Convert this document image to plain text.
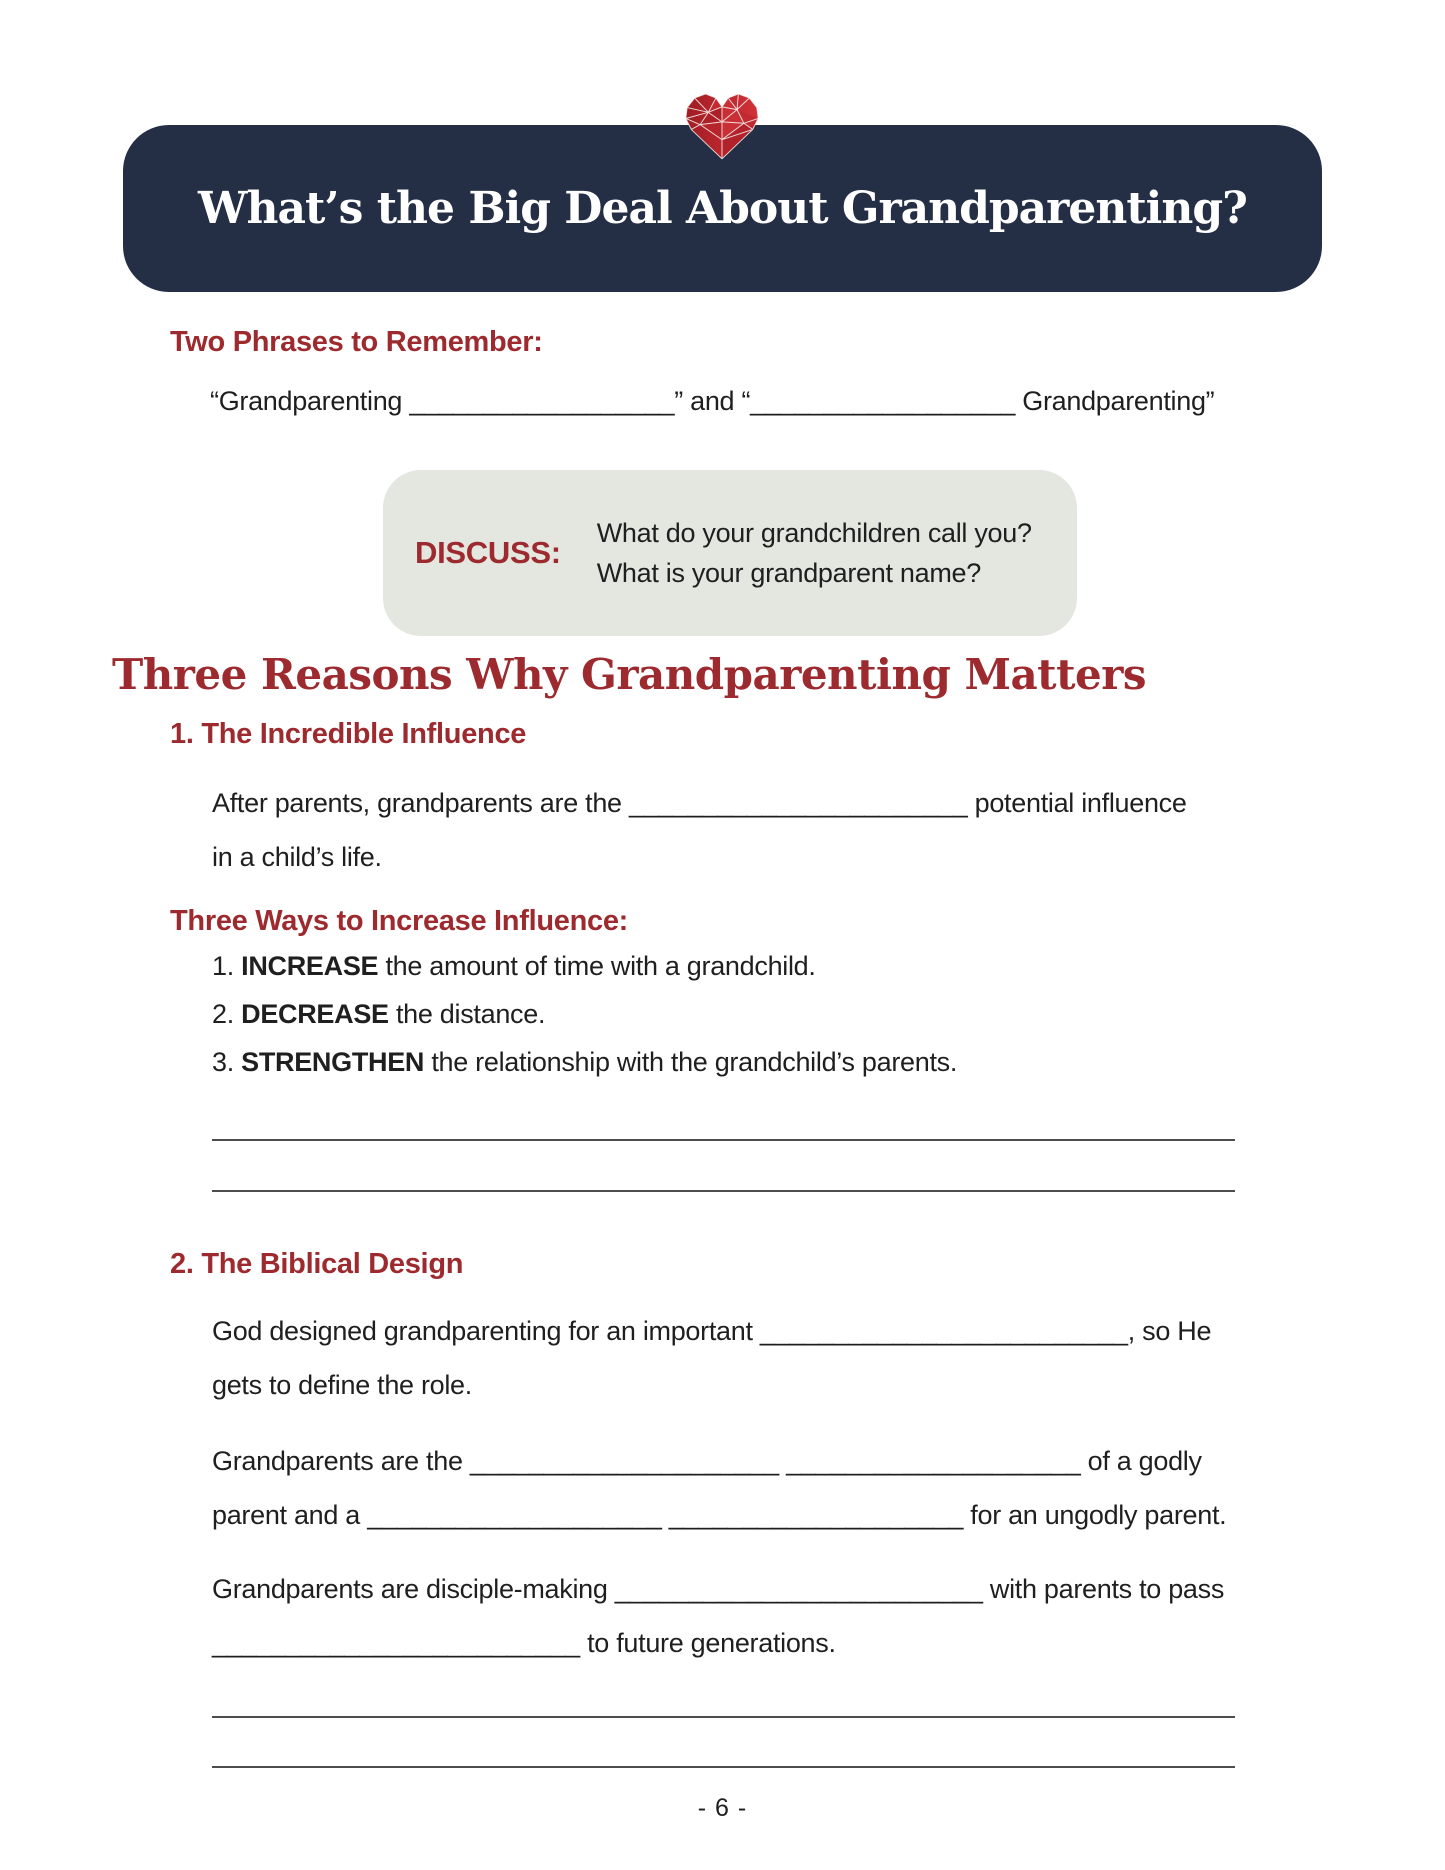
What’s the Big Deal About Grandparenting?
Two Phrases to Remember:
“Grandparenting __________________” and “__________________ Grandparenting”
DISCUSS:
What do your grandchildren call you?
What is your grandparent name?
Three Reasons Why Grandparenting Matters
1. The Incredible Influence
After parents, grandparents are the _______________________ potential influence
in a child’s life.
Three Ways to Increase Influence:
1. INCREASE the amount of time with a grandchild.
2. DECREASE the distance.
3. STRENGTHEN the relationship with the grandchild’s parents.
2. The Biblical Design
God designed grandparenting for an important _________________________, so He
gets to define the role.
Grandparents are the _____________________ ____________________ of a godly
parent and a ____________________ ____________________ for an ungodly parent.
Grandparents are disciple-making _________________________ with parents to pass
_________________________ to future generations.
- 6 -
